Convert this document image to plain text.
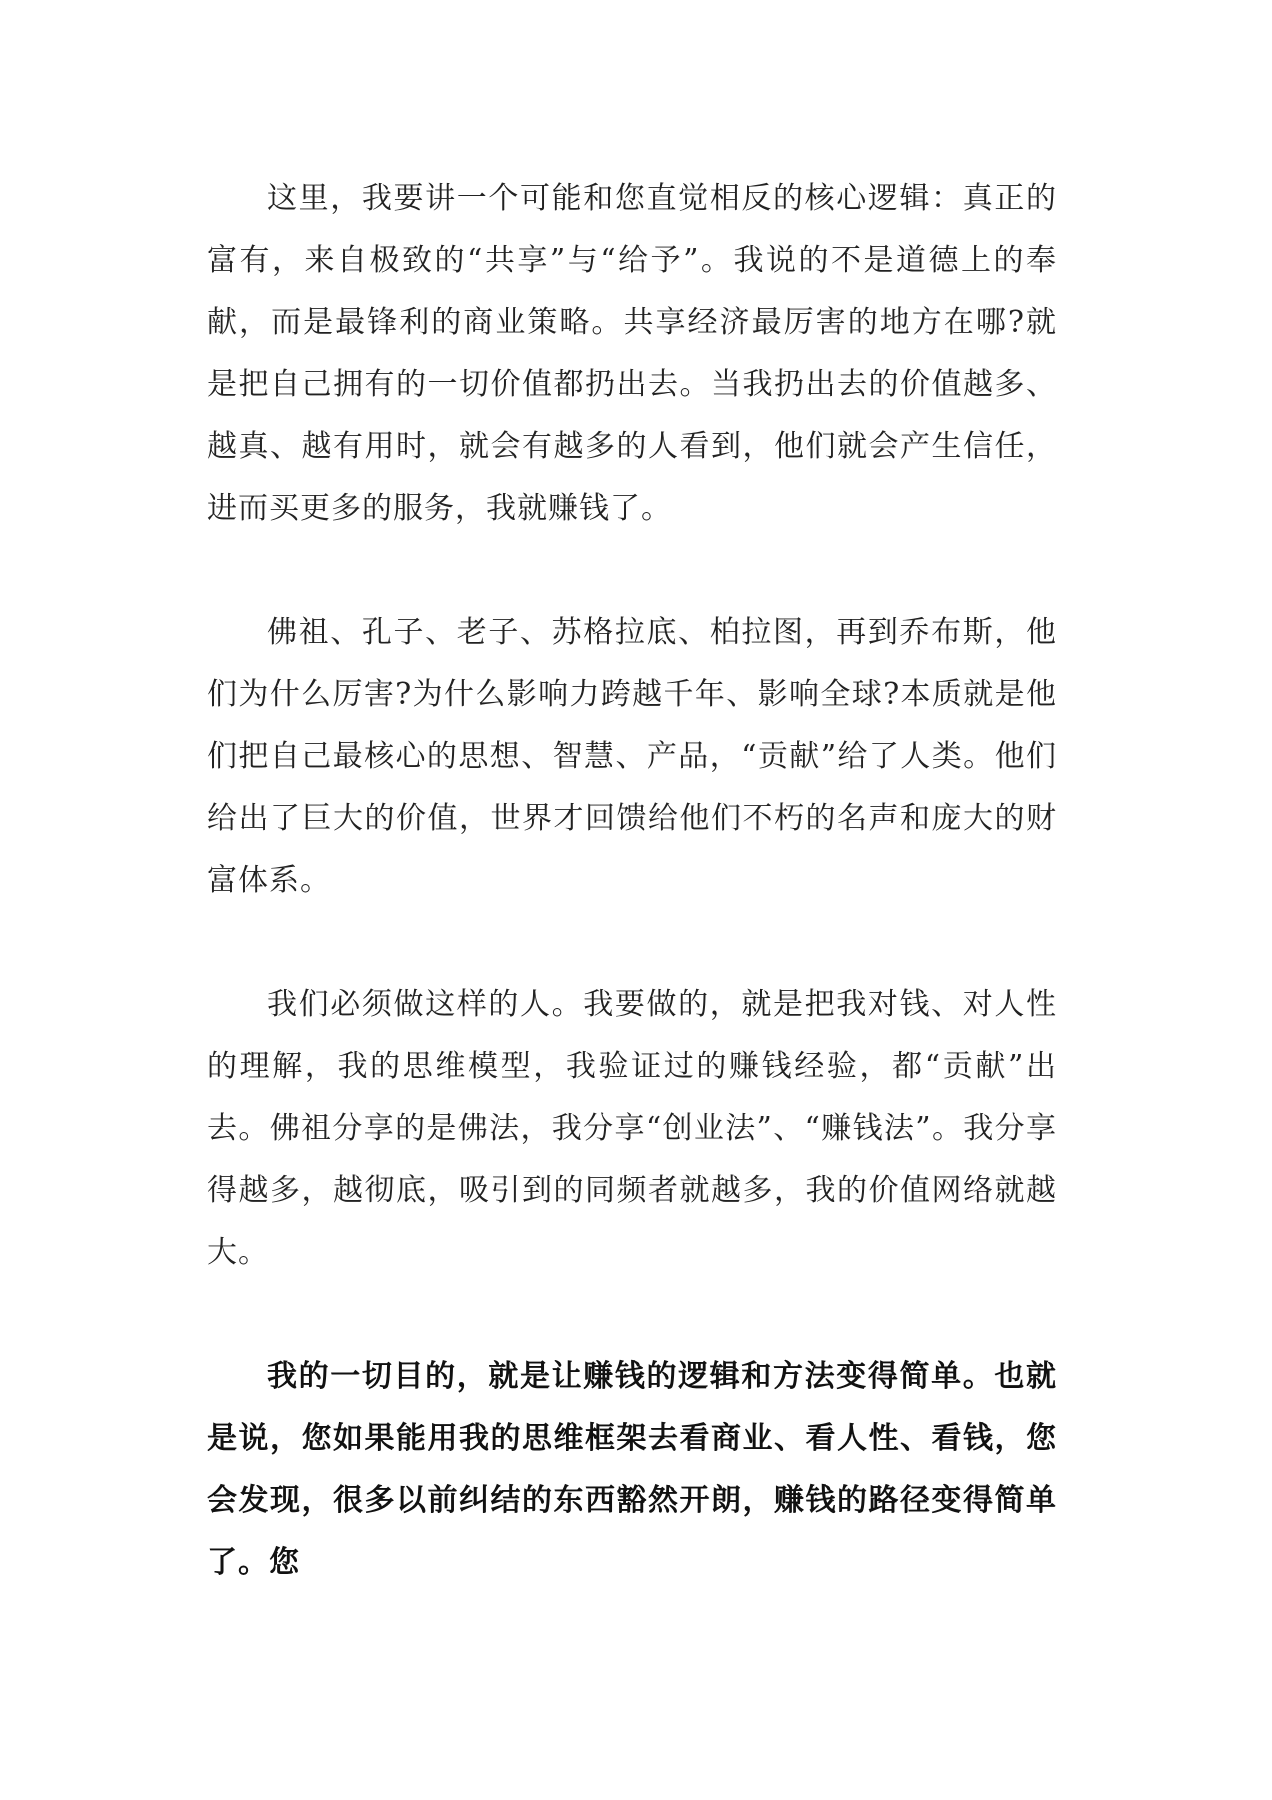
这里，我要讲一个可能和您直觉相反的核心逻辑：真正的富有，来自极致的“共享”与“给予”。我说的不是道德上的奉献，而是最锋利的商业策略。共享经济最厉害的地方在哪?就是把自己拥有的一切价值都扔出去。当我扔出去的价值越多、越真、越有用时，就会有越多的人看到，他们就会产生信任，进而买更多的服务，我就赚钱了。

佛祖、孔子、老子、苏格拉底、柏拉图，再到乔布斯，他们为什么厉害?为什么影响力跨越千年、影响全球?本质就是他们把自己最核心的思想、智慧、产品，“贡献”给了人类。他们给出了巨大的价值，世界才回馈给他们不朽的名声和庞大的财富体系。

我们必须做这样的人。我要做的，就是把我对钱、对人性的理解，我的思维模型，我验证过的赚钱经验，都“贡献”出去。佛祖分享的是佛法，我分享“创业法”、“赚钱法”。我分享得越多，越彻底，吸引到的同频者就越多，我的价值网络就越大。

我的一切目的，就是让赚钱的逻辑和方法变得简单。也就是说，您如果能用我的思维框架去看商业、看人性、看钱，您会发现，很多以前纠结的东西豁然开朗，赚钱的路径变得简单了。您
